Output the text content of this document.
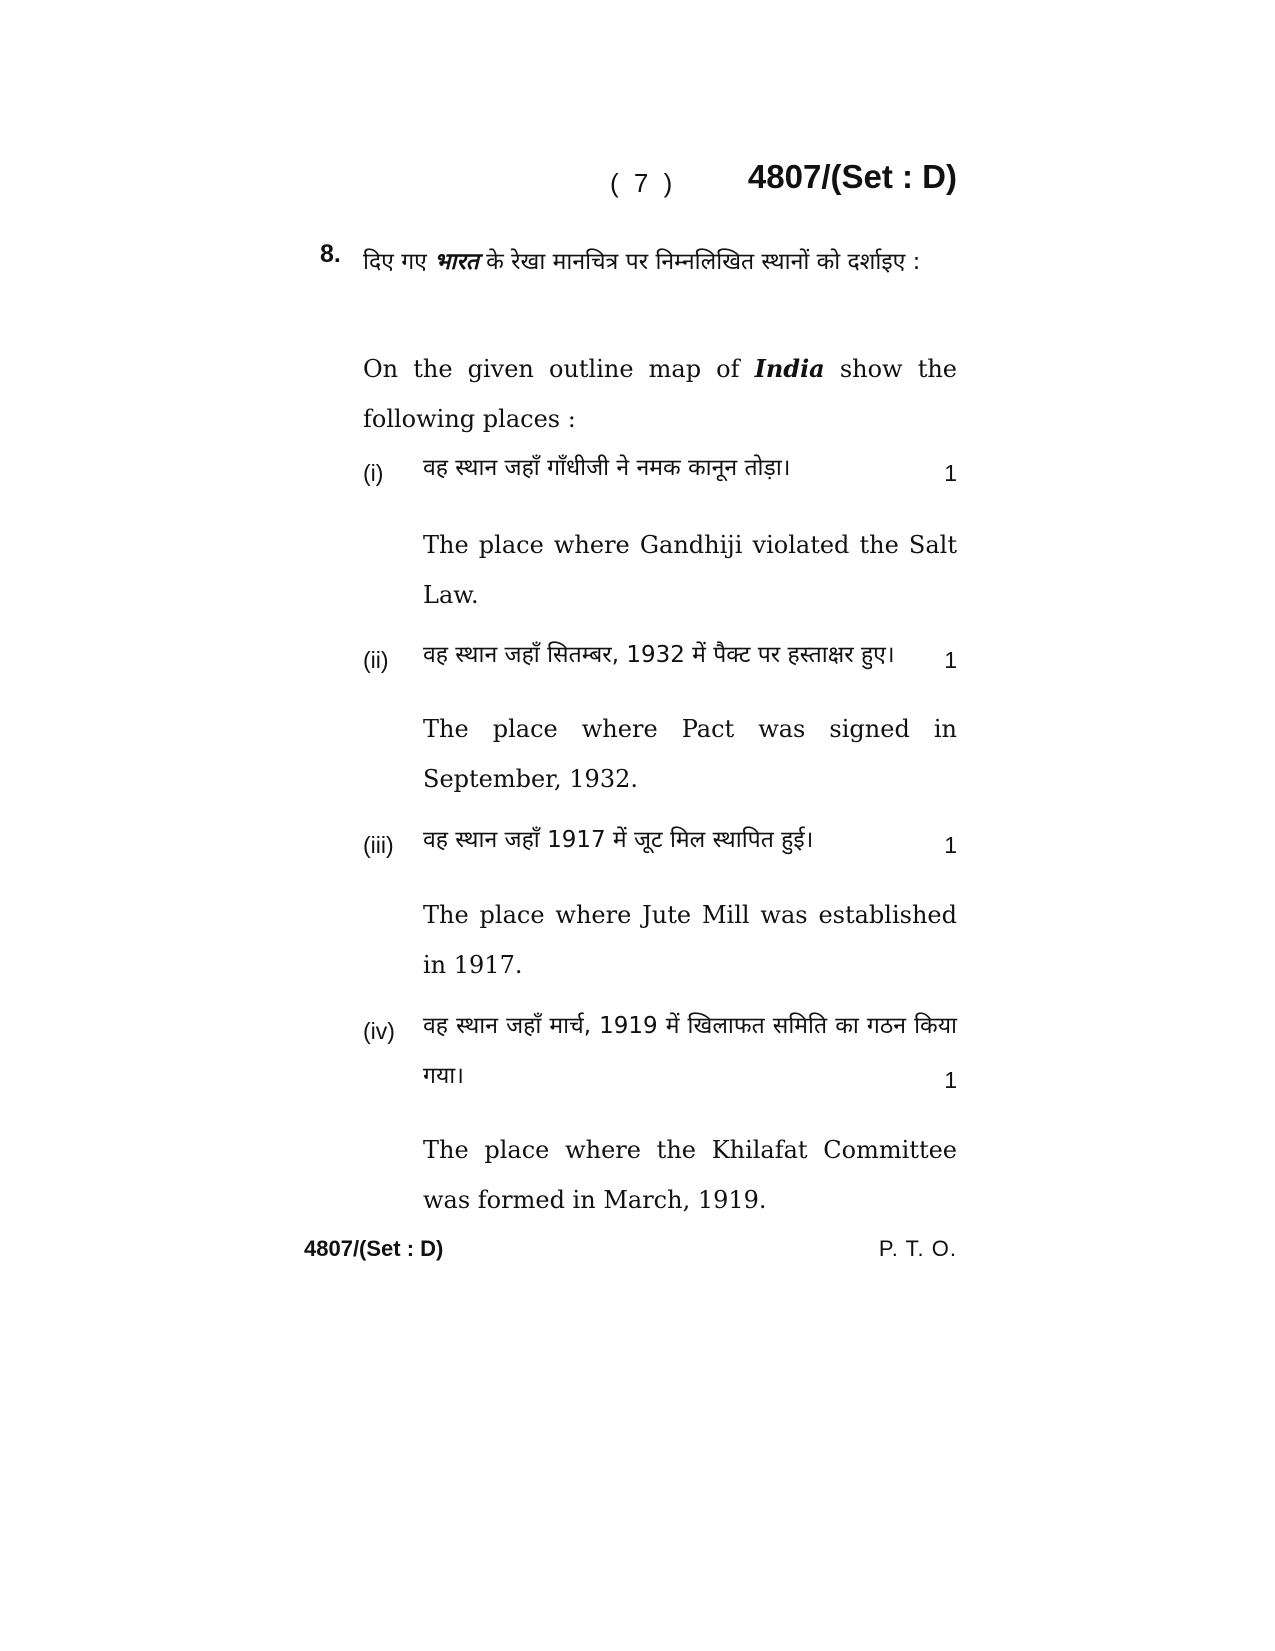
( 7 ) 4807/(Set : D)
8. दिए गए भारत के रेखा मानचित्र पर निम्नलिखित स्थानों को दर्शाइए :
On the given outline map of India show the following places :
(i) वह स्थान जहाँ गाँधीजी ने नमक कानून तोड़ा।	1
The place where Gandhiji violated the Salt Law.
(ii) वह स्थान जहाँ सितम्बर, 1932 में पैक्ट पर हस्ताक्षर हुए।	1
The place where Pact was signed in September, 1932.
(iii) वह स्थान जहाँ 1917 में जूट मिल स्थापित हुई।	1
The place where Jute Mill was established in 1917.
(iv) वह स्थान जहाँ मार्च, 1919 में खिलाफत समिति का गठन किया गया।	1
The place where the Khilafat Committee was formed in March, 1919.
4807/(Set : D)	P. T. O.
